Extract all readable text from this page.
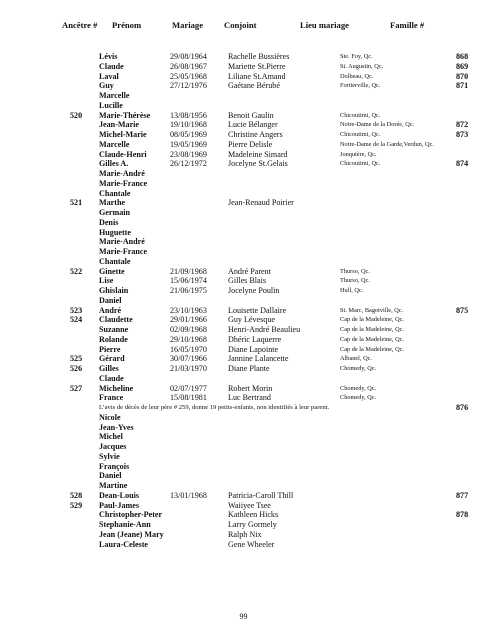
Ancêtre # Prénom	Mariage Conjoint	Lieu mariage	Famille #
Lévis	29/08/1964	Rachelle Bussières	Ste. Foy, Qc.	868
Claude	26/08/1967	Mariette St.Pierre	St. Augustin, Qc.	869
Laval	25/05/1968	Liliane St.Amand	Dolbeau, Qc.	870
Guy	27/12/1976	Gaétane Bérubé	Fortierville, Qc.	871
Marcelle
Lucille
520 Marie-Thérèse 13/08/1956	Benoit Gaulin	Chicoutimi, Qc.
Jean-Marie	19/10/1968	Lucie Bélanger	Notre-Dame de la Dorée, Qc.	872
Michel-Marie	08/05/1969	Christine Angers	Chicoutimi, Qc.	873
Marcelle	19/05/1969	Pierre Delisle	Notre-Dame de la Garde,Verdun, Qc.
Claude-Henri	23/08/1969	Madeleine Simard	Jonquière, Qc.
Gilles A.	26/12/1972	Jocelyne St.Gelais	Chicoutimi, Qc.	874
Marie-André
Marie-France
Chantale
521 Marthe	Jean-Renaud Poirier
Germain
Denis
Huguette
Marie-André
Marie-France
Chantale
522 Ginette	21/09/1968	André Parent	Thurso, Qc.
Lise	15/06/1974	Gilles Blais	Thurso, Qc.
Ghislain	21/06/1975	Jocelyne Poulin	Hull, Qc.
Daniel
523 André	23/10/1963	Louisette Dallaire	St. Marc, Bagotville, Qc.	875
524 Claudette	29/01/1966	Guy Lévesque	Cap de la Madeleine, Qc.
Suzanne	02/09/1968	Henri-André Beaulieu	Cap de la Madeleine, Qc.
Rolande	29/10/1968	Dhéric Laquerre	Cap de la Madeleine, Qc.
Pierre	16/05/1970	Diane Lapointe	Cap de la Madeleine, Qc.
525 Gérard	30/07/1966	Jannine Lalancette	Albanel, Qc.
526 Gilles	21/03/1970	Diane Plante	Chomedy, Qc.
Claude
527 Micheline	02/07/1977	Robert Morin	Chomedy, Qc.
France	15/08/1981	Luc Bertrand	Chomedy, Qc.
876
L’avis de décès de leur père # 259, donne 19 petits-enfants, non identifiés à leur parent.
Nicole
Jean-Yves
Michel
Jacques
Sylvie
François
Daniel
Martine
528 Dean-Louis	13/01/1968	Patricia-Caroll Thill	877
529 Paul-James	Waiiyee Tsee
Christopher-Peter	Kathleen Hicks	878
Stephanie-Ann	Larry Gormely
Jean (Jeane) Mary	Ralph Nix
Laura-Celeste	Gene Wheeler
99
